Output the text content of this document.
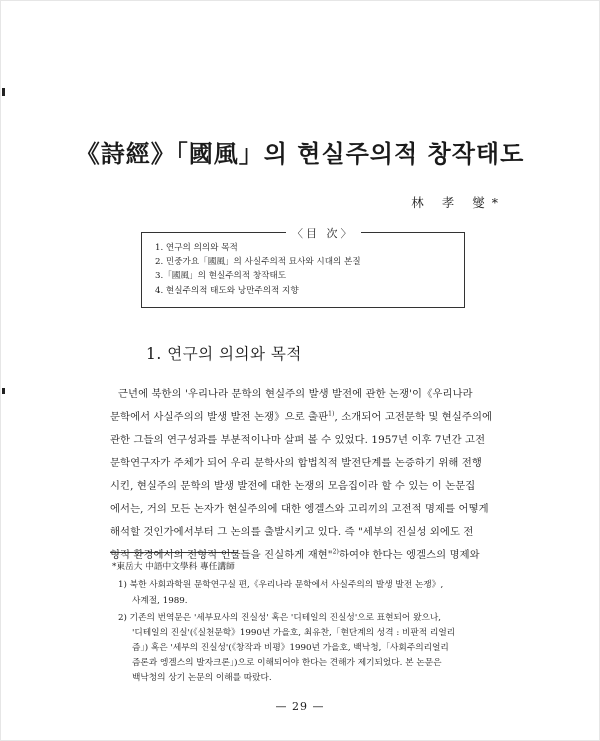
《詩經》「國風」의 현실주의적 창작태도
林 孝 燮*
〈目 次〉
1. 연구의 의의와 목적
2. 민중가요「國風」의 사실주의적 묘사와 시대의 본질
3.「國風」의 현실주의적 창작태도
4. 현실주의적 태도와 낭만주의적 지향
1. 연구의 의의와 목적
근년에 북한의 '우리나라 문학의 현실주의 발생 발전에 관한 논쟁'이《우리나라
문학에서 사실주의의 발생 발전 논쟁》으로 출판$^{1)}$, 소개되어 고전문학 및 현실주의에
관한 그들의 연구성과를 부분적이나마 살펴 볼 수 있었다. 1957년 이후 7년간 고전
문학연구자가 주체가 되어 우리 문학사의 합법칙적 발전단계를 논증하기 위해 전행
시킨, 현실주의 문학의 발생 발전에 대한 논쟁의 모음집이라 할 수 있는 이 논문집
에서는, 거의 모든 논자가 현실주의에 대한 엥겔스와 고리끼의 고전적 명제를 어떻게
해석할 것인가에서부터 그 논의를 출발시키고 있다. 즉 "세부의 진실성 외에도 전
형적 환경에서의 전형적 인물들을 진실하게 재현"$^{2)}$하여야 한다는 엥겔스의 명제와
*東岳大 中語中文學科 專任講師
1) 북한 사회과학원 문학연구실 편,《우리나라 문학에서 사실주의의 발생 발전 논쟁》,
사계절, 1989.
2) 기존의 번역문은 '세부묘사의 진실성' 혹은 '디테일의 진실성'으로 표현되어 왔으나,
'디테일의 진실'(《실천문학》1990년 가을호, 최유찬,「현단계의 성격 : 비판적 리얼리
즘」) 혹은 '세부의 진실성'(《창작과 비평》1990년 가을호, 백낙청,「사회주의리얼리
즘론과 엥겔스의 발자크론」)으로 이해되어야 한다는 견해가 제기되었다. 본 논문은
백낙청의 상기 논문의 이해를 따랐다.
— 29 —
